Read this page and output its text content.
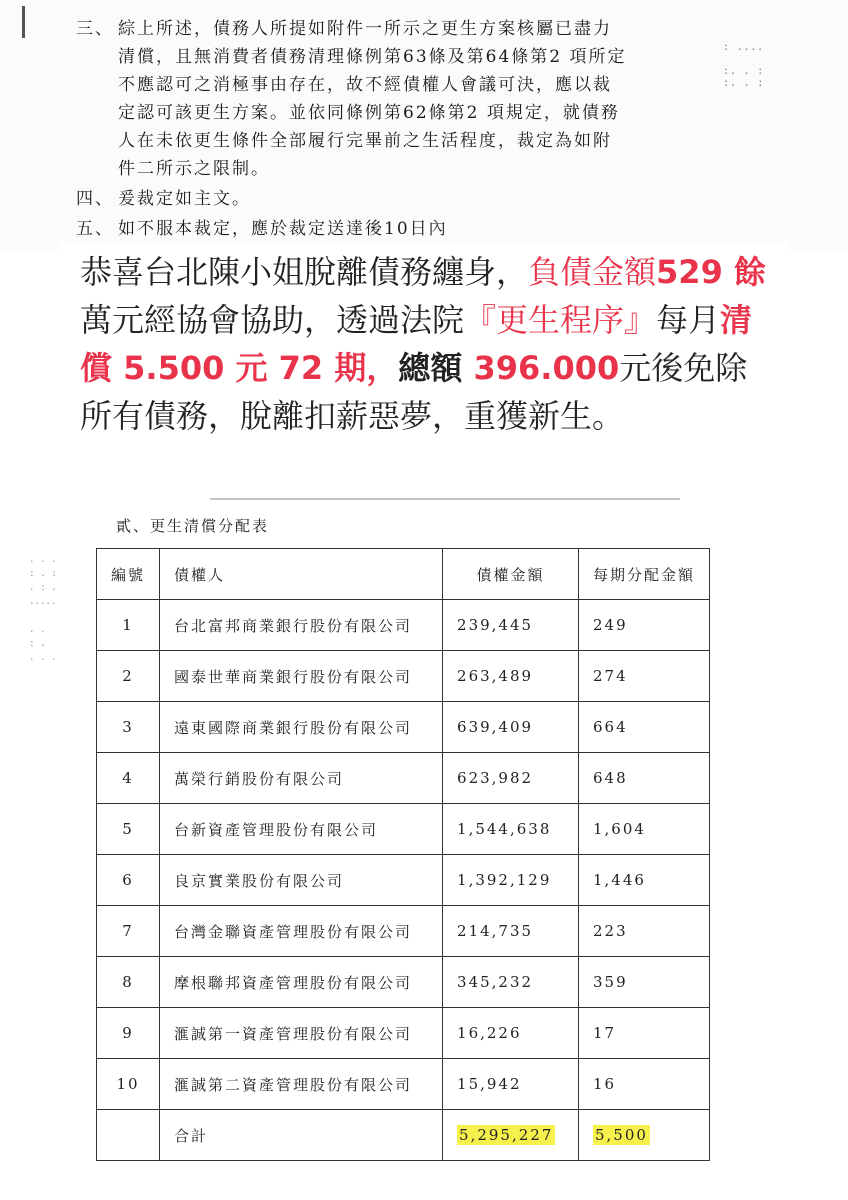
三、 綜上所述，債務人所提如附件一所示之更生方案核屬已盡力
清償，且無消費者債務清理條例第63條及第64條第2 項所定
不應認可之消極事由存在，故不經債權人會議可決，應以裁
定認可該更生方案。並依同條例第62條第2 項規定，就債務
人在未依更生條件全部履行完畢前之生活程度，裁定為如附
件二所示之限制。
四、 爰裁定如主文。
五、 如不服本裁定，應於裁定送達後10日內
: ....

:. . :
:. . :

恭喜台北陳小姐脫離債務纏身，負債金額529 餘萬元經協會協助，透過法院『更生程序』每月清償 5.500 元 72 期，總額 396.000元後免除所有債務，脫離扣薪惡夢，重獲新生。

. . .
: . :
. : .
.....

. .
: .
. . .
貳、更生清償分配表
編號	債權人	債權金額	每期分配金額
1	台北富邦商業銀行股份有限公司	239,445	249
2	國泰世華商業銀行股份有限公司	263,489	274
3	遠東國際商業銀行股份有限公司	639,409	664
4	萬榮行銷股份有限公司	623,982	648
5	台新資產管理股份有限公司	1,544,638	1,604
6	良京實業股份有限公司	1,392,129	1,446
7	台灣金聯資產管理股份有限公司	214,735	223
8	摩根聯邦資產管理股份有限公司	345,232	359
9	滙誠第一資產管理股份有限公司	16,226	17
10	滙誠第二資產管理股份有限公司	15,942	16
	合計	5,295,227	5,500
